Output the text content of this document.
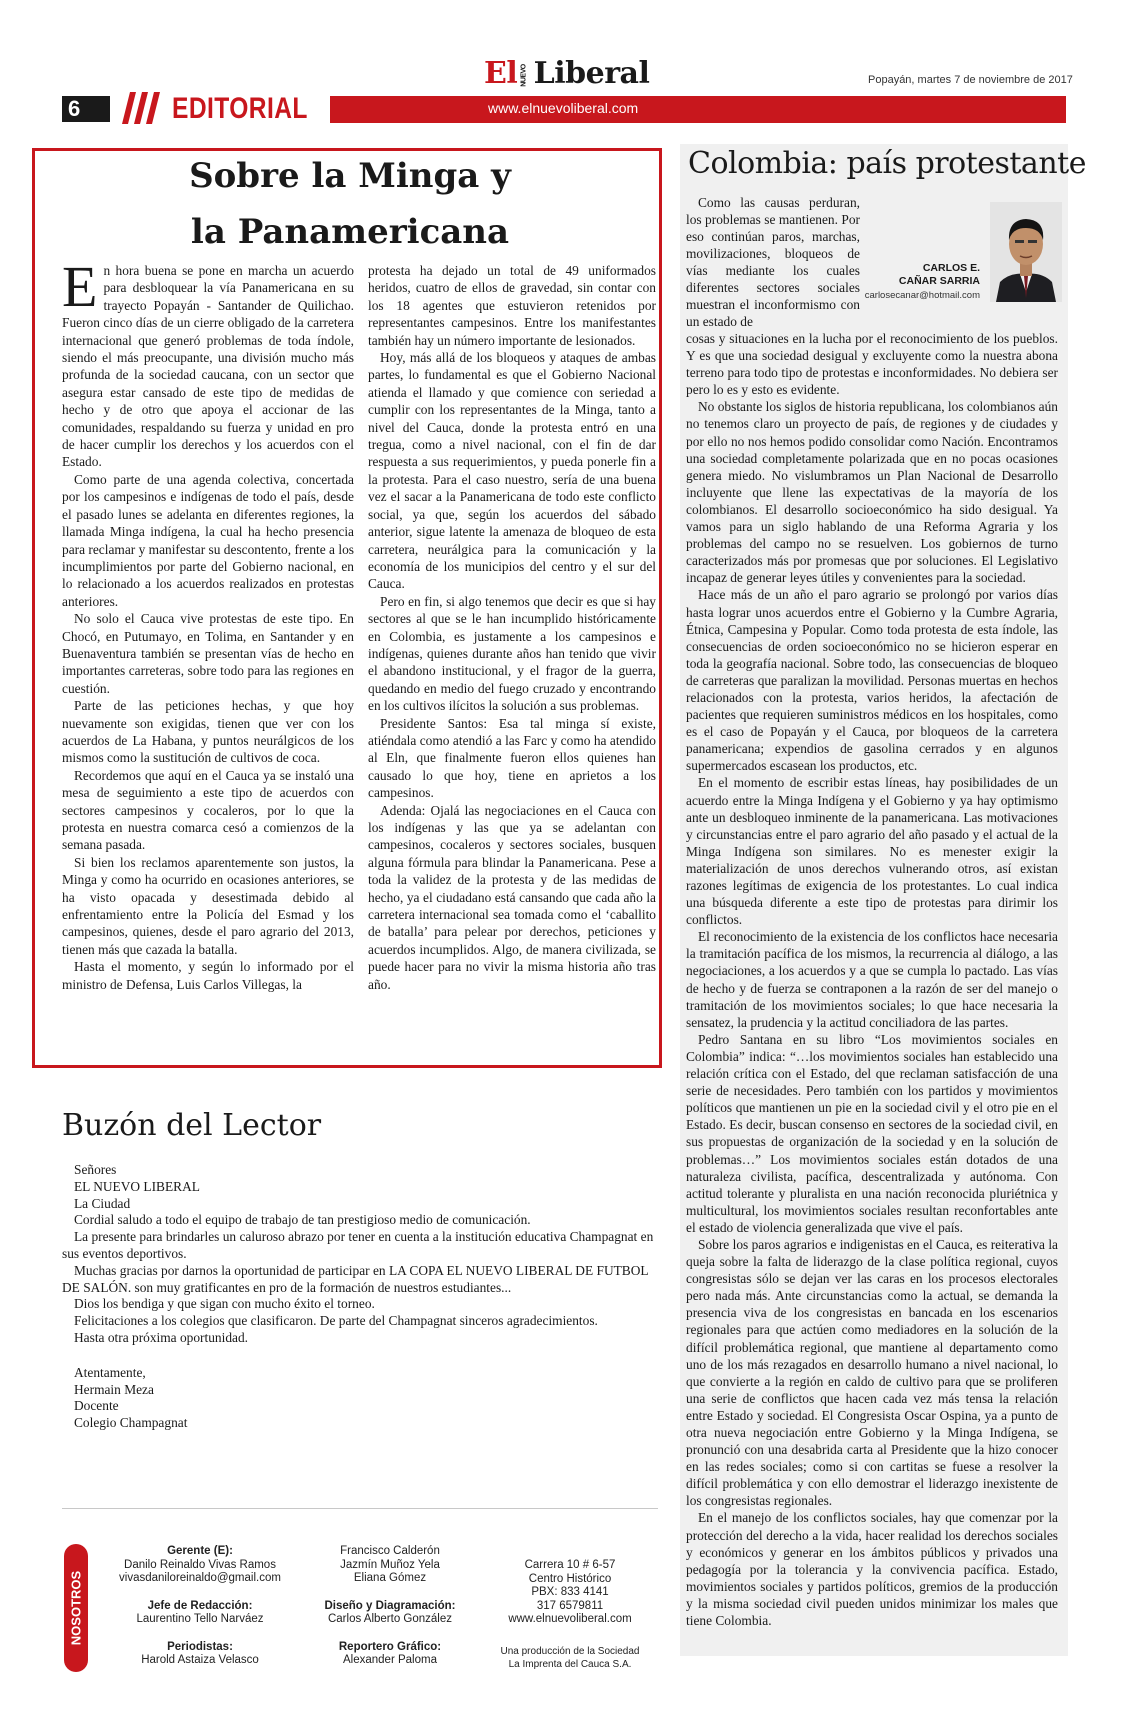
6	EDITORIAL
El NUEVO Liberal
www.elnuevoliberal.com
Popayán, martes 7 de noviembre de 2017
Sobre la Minga y
la Panamericana
E n hora buena se pone en marcha un acuerdo para desbloquear la vía Panamericana en su trayecto Popayán - Santander de Quilichao. Fueron cinco días de un cierre obligado de la carretera internacional que generó problemas de toda índole, siendo el más preocupante, una división mucho más profunda de la sociedad caucana, con un sector que asegura estar cansado de este tipo de medidas de hecho y de otro que apoya el accionar de las comunidades, respaldando su fuerza y unidad en pro de hacer cumplir los derechos y los acuerdos con el Estado.

Como parte de una agenda colectiva, concertada por los campesinos e indígenas de todo el país, desde el pasado lunes se adelanta en diferentes regiones, la llamada Minga indígena, la cual ha hecho presencia para reclamar y manifestar su descontento, frente a los incumplimientos por parte del Gobierno nacional, en lo relacionado a los acuerdos realizados en protestas anteriores.

No solo el Cauca vive protestas de este tipo. En Chocó, en Putumayo, en Tolima, en Santander y en Buenaventura también se presentan vías de hecho en importantes carreteras, sobre todo para las regiones en cuestión.

Parte de las peticiones hechas, y que hoy nuevamente son exigidas, tienen que ver con los acuerdos de La Habana, y puntos neurálgicos de los mismos como la sustitución de cultivos de coca.

Recordemos que aquí en el Cauca ya se instaló una mesa de seguimiento a este tipo de acuerdos con sectores campesinos y cocaleros, por lo que la protesta en nuestra comarca cesó a comienzos de la semana pasada.

Si bien los reclamos aparentemente son justos, la Minga y como ha ocurrido en ocasiones anteriores, se ha visto opacada y desestimada debido al enfrentamiento entre la Policía del Esmad y los campesinos, quienes, desde el paro agrario del 2013, tienen más que cazada la batalla.

Hasta el momento, y según lo informado por el ministro de Defensa, Luis Carlos Villegas, la

protesta ha dejado un total de 49 uniformados heridos, cuatro de ellos de gravedad, sin contar con los 18 agentes que estuvieron retenidos por representantes campesinos. Entre los manifestantes también hay un número importante de lesionados.

Hoy, más allá de los bloqueos y ataques de ambas partes, lo fundamental es que el Gobierno Nacional atienda el llamado y que comience con seriedad a cumplir con los representantes de la Minga, tanto a nivel del Cauca, donde la protesta entró en una tregua, como a nivel nacional, con el fin de dar respuesta a sus requerimientos, y pueda ponerle fin a la protesta. Para el caso nuestro, sería de una buena vez el sacar a la Panamericana de todo este conflicto social, ya que, según los acuerdos del sábado anterior, sigue latente la amenaza de bloqueo de esta carretera, neurálgica para la comunicación y la economía de los municipios del centro y el sur del Cauca.

Pero en fin, si algo tenemos que decir es que si hay sectores al que se le han incumplido históricamente en Colombia, es justamente a los campesinos e indígenas, quienes durante años han tenido que vivir el abandono institucional, y el fragor de la guerra, quedando en medio del fuego cruzado y encontrando en los cultivos ilícitos la solución a sus problemas.

Presidente Santos: Esa tal minga sí existe, atiéndala como atendió a las Farc y como ha atendido al Eln, que finalmente fueron ellos quienes han causado lo que hoy, tiene en aprietos a los campesinos.

Adenda: Ojalá las negociaciones en el Cauca con los indígenas y las que ya se adelantan con campesinos, cocaleros y sectores sociales, busquen alguna fórmula para blindar la Panamericana. Pese a toda la validez de la protesta y de las medidas de hecho, ya el ciudadano está cansando que cada año la carretera internacional sea tomada como el ‘caballito de batalla’ para pelear por derechos, peticiones y acuerdos incumplidos. Algo, de manera civilizada, se puede hacer para no vivir la misma historia año tras año.

Buzón del Lector
Señores
EL NUEVO LIBERAL
La Ciudad

Cordial saludo a todo el equipo de trabajo de tan prestigioso medio de comunicación.

La presente para brindarles un caluroso abrazo por tener en cuenta a la institución educativa Champagnat en sus eventos deportivos.

Muchas gracias por darnos la oportunidad de participar en LA COPA EL NUEVO LIBERAL DE FUTBOL DE SALÓN. son muy gratificantes en pro de la formación de nuestros estudiantes...

Dios los bendiga y que sigan con mucho éxito el torneo.

Felicitaciones a los colegios que clasificaron. De parte del Champagnat sinceros agradecimientos.

Hasta otra próxima oportunidad.

Atentamente,
Hermain Meza
Docente
Colegio Champagnat
NOSOTROS
Gerente (E):
Danilo Reinaldo Vivas Ramos
vivasdaniloreinaldo@gmail.com
Jefe de Redacción:
Laurentino Tello Narváez
Periodistas:
Harold Astaiza Velasco
Francisco Calderón
Jazmín Muñoz Yela
Eliana Gómez
Diseño y Diagramación:
Carlos Alberto González
Reportero Gráfico:
Alexander Paloma
Carrera 10 # 6-57
Centro Histórico
PBX: 833 4141
317 6579811
www.elnuevoliberal.com
Una producción de la Sociedad
La Imprenta del Cauca S.A.
Colombia: país protestante

Como las causas perduran, los problemas se mantienen. Por eso continúan paros, marchas, movilizaciones, bloqueos de vías mediante los cuales diferentes sectores sociales muestran el inconformismo con un estado de

CARLOS E.
CAÑAR SARRIA
carlosecanar@hotmail.com

cosas y situaciones en la lucha por el reconocimiento de los pueblos. Y es que una sociedad desigual y excluyente como la nuestra abona terreno para todo tipo de protestas e inconformidades. No debiera ser pero lo es y esto es evidente.

No obstante los siglos de historia republicana, los colombianos aún no tenemos claro un proyecto de país, de regiones y de ciudades y por ello no nos hemos podido consolidar como Nación. Encontramos una sociedad completamente polarizada que en no pocas ocasiones genera miedo. No vislumbramos un Plan Nacional de Desarrollo incluyente que llene las expectativas de la mayoría de los colombianos. El desarrollo socioeconómico ha sido desigual. Ya vamos para un siglo hablando de una Reforma Agraria y los problemas del campo no se resuelven. Los gobiernos de turno caracterizados más por promesas que por soluciones. El Legislativo incapaz de generar leyes útiles y convenientes para la sociedad.

Hace más de un año el paro agrario se prolongó por varios días hasta lograr unos acuerdos entre el Gobierno y la Cumbre Agraria, Étnica, Campesina y Popular. Como toda protesta de esta índole, las consecuencias de orden socioeconómico no se hicieron esperar en toda la geografía nacional. Sobre todo, las consecuencias de bloqueo de carreteras que paralizan la movilidad. Personas muertas en hechos relacionados con la protesta, varios heridos, la afectación de pacientes que requieren suministros médicos en los hospitales, como es el caso de Popayán y el Cauca, por bloqueos de la carretera panamericana; expendios de gasolina cerrados y en algunos supermercados escasean los productos, etc.

En el momento de escribir estas líneas, hay posibilidades de un acuerdo entre la Minga Indígena y el Gobierno y ya hay optimismo ante un desbloqueo inminente de la panamericana. Las motivaciones y circunstancias entre el paro agrario del año pasado y el actual de la Minga Indígena son similares. No es menester exigir la materialización de unos derechos vulnerando otros, así existan razones legítimas de exigencia de los protestantes. Lo cual indica una búsqueda diferente a este tipo de protestas para dirimir los conflictos.

El reconocimiento de la existencia de los conflictos hace necesaria la tramitación pacífica de los mismos, la recurrencia al diálogo, a las negociaciones, a los acuerdos y a que se cumpla lo pactado. Las vías de hecho y de fuerza se contraponen a la razón de ser del manejo o tramitación de los movimientos sociales; lo que hace necesaria la sensatez, la prudencia y la actitud conciliadora de las partes.

Pedro Santana en su libro “Los movimientos sociales en Colombia” indica: “…los movimientos sociales han establecido una relación crítica con el Estado, del que reclaman satisfacción de una serie de necesidades. Pero también con los partidos y movimientos políticos que mantienen un pie en la sociedad civil y el otro pie en el Estado. Es decir, buscan consenso en sectores de la sociedad civil, en sus propuestas de organización de la sociedad y en la solución de problemas…” Los movimientos sociales están dotados de una naturaleza civilista, pacífica, descentralizada y autónoma. Con actitud tolerante y pluralista en una nación reconocida pluriétnica y multicultural, los movimientos sociales resultan reconfortables ante el estado de violencia generalizada que vive el país.

Sobre los paros agrarios e indigenistas en el Cauca, es reiterativa la queja sobre la falta de liderazgo de la clase política regional, cuyos congresistas sólo se dejan ver las caras en los procesos electorales pero nada más. Ante circunstancias como la actual, se demanda la presencia viva de los congresistas en bancada en los escenarios regionales para que actúen como mediadores en la solución de la difícil problemática regional, que mantiene al departamento como uno de los más rezagados en desarrollo humano a nivel nacional, lo que convierte a la región en caldo de cultivo para que se proliferen una serie de conflictos que hacen cada vez más tensa la relación entre Estado y sociedad. El Congresista Oscar Ospina, ya a punto de otra nueva negociación entre Gobierno y la Minga Indígena, se pronunció con una desabrida carta al Presidente que la hizo conocer en las redes sociales; como si con cartitas se fuese a resolver la difícil problemática y con ello demostrar el liderazgo inexistente de los congresistas regionales.

En el manejo de los conflictos sociales, hay que comenzar por la protección del derecho a la vida, hacer realidad los derechos sociales y económicos y generar en los ámbitos públicos y privados una pedagogía por la tolerancia y la convivencia pacífica. Estado, movimientos sociales y partidos políticos, gremios de la producción y la misma sociedad civil pueden unidos minimizar los males que tiene Colombia.
